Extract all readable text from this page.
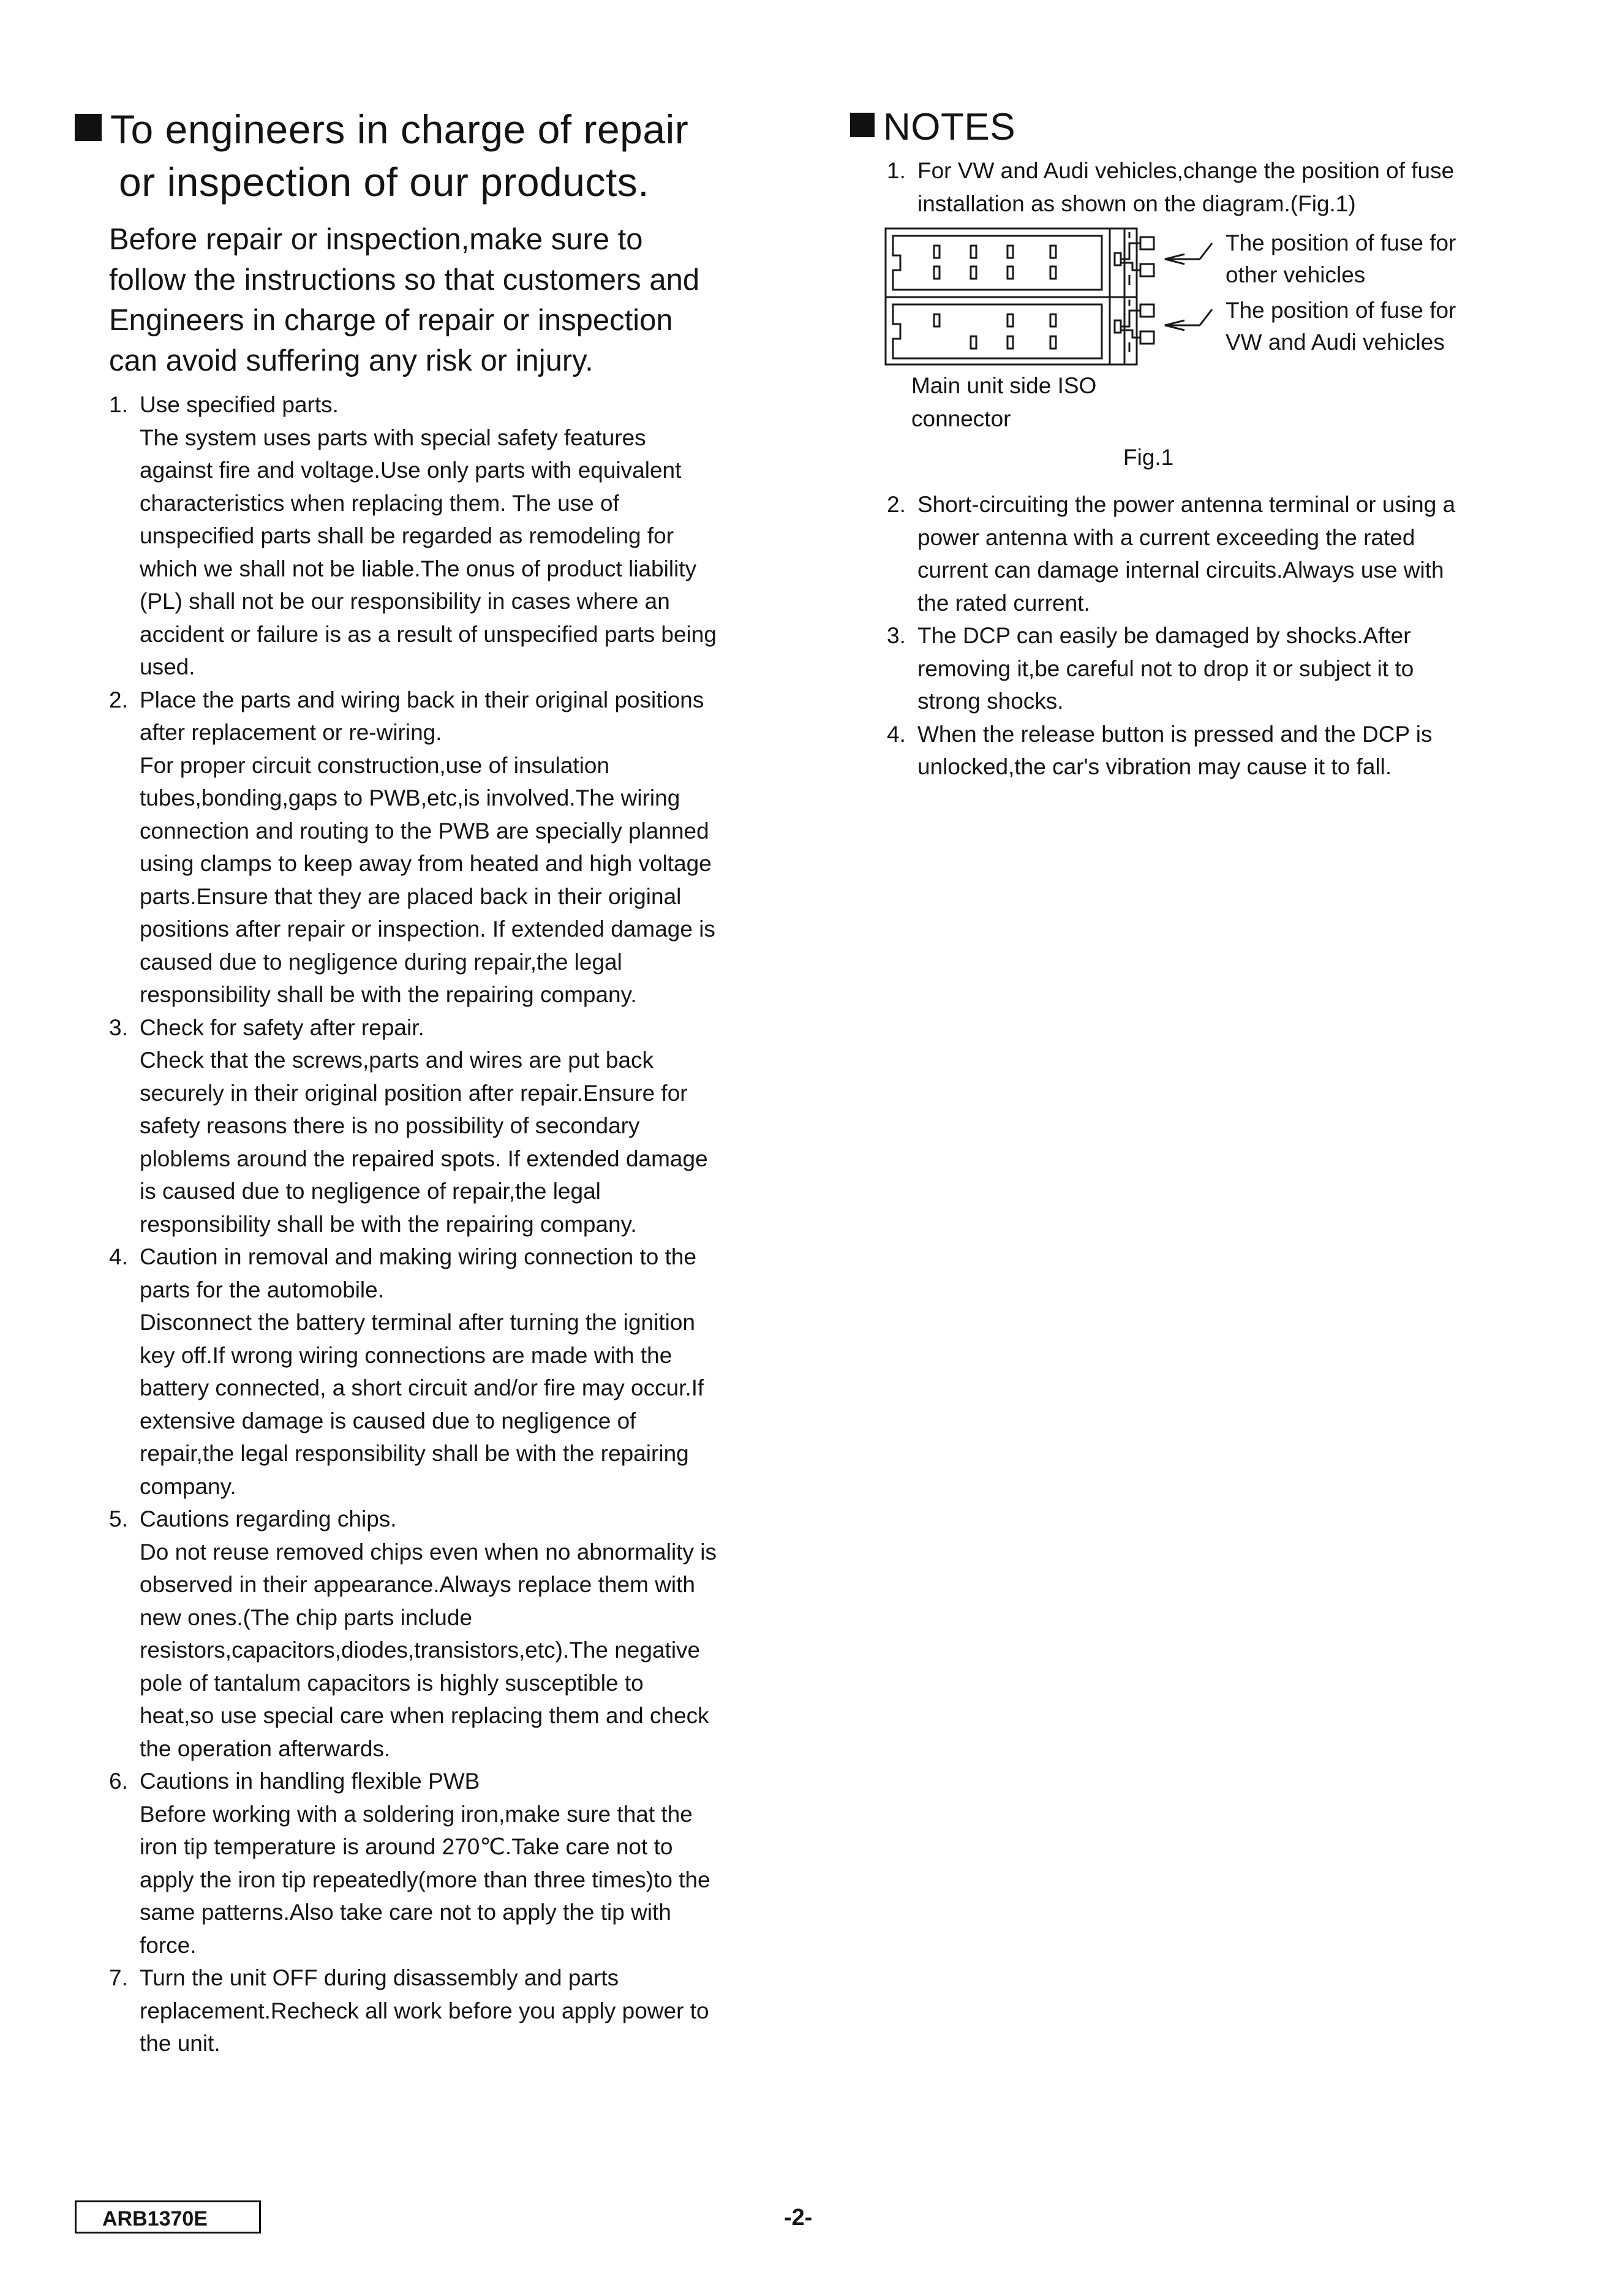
To engineers in charge of repair
or inspection of our products.
Before repair or inspection,make sure to follow the instructions so that customers and Engineers in charge of repair or inspection can avoid suffering any risk or injury.
1. Use specified parts.
The system uses parts with special safety features against fire and voltage.Use only parts with equivalent characteristics when replacing them. The use of unspecified parts shall be regarded as remodeling for which we shall not be liable.The onus of product liability (PL) shall not be our responsibility in cases where an accident or failure is as a result of unspecified parts being used.
2. Place the parts and wiring back in their original positions after replacement or re-wiring.
For proper circuit construction,use of insulation tubes,bonding,gaps to PWB,etc,is involved.The wiring connection and routing to the PWB are specially planned using clamps to keep away from heated and high voltage parts.Ensure that they are placed back in their original positions after repair or inspection. If extended damage is caused due to negligence during repair,the legal responsibility shall be with the repairing company.
3. Check for safety after repair.
Check that the screws,parts and wires are put back securely in their original position after repair.Ensure for safety reasons there is no possibility of secondary ploblems around the repaired spots. If extended damage is caused due to negligence of repair,the legal responsibility shall be with the repairing company.
4. Caution in removal and making wiring connection to the parts for the automobile.
Disconnect the battery terminal after turning the ignition key off.If wrong wiring connections are made with the battery connected, a short circuit and/or fire may occur.If extensive damage is caused due to negligence of repair,the legal responsibility shall be with the repairing company.
5. Cautions regarding chips.
Do not reuse removed chips even when no abnormality is observed in their appearance.Always replace them with new ones.(The chip parts include resistors,capacitors,diodes,transistors,etc).The negative pole of tantalum capacitors is highly susceptible to heat,so use special care when replacing them and check the operation afterwards.
6. Cautions in handling flexible PWB
Before working with a soldering iron,make sure that the iron tip temperature is around 270℃.Take care not to apply the iron tip repeatedly(more than three times)to the same patterns.Also take care not to apply the tip with force.
7. Turn the unit OFF during disassembly and parts replacement.Recheck all work before you apply power to the unit.
NOTES
1. For VW and Audi vehicles,change the position of fuse installation as shown on the diagram.(Fig.1)
The position of fuse for other vehicles
The position of fuse for VW and Audi vehicles
Main unit side ISO connector
Fig.1
2. Short-circuiting the power antenna terminal or using a power antenna with a current exceeding the rated current can damage internal circuits.Always use with the rated current.
3. The DCP can easily be damaged by shocks.After removing it,be careful not to drop it or subject it to strong shocks.
4. When the release button is pressed and the DCP is unlocked,the car's vibration may cause it to fall.
ARB1370E	-2-
